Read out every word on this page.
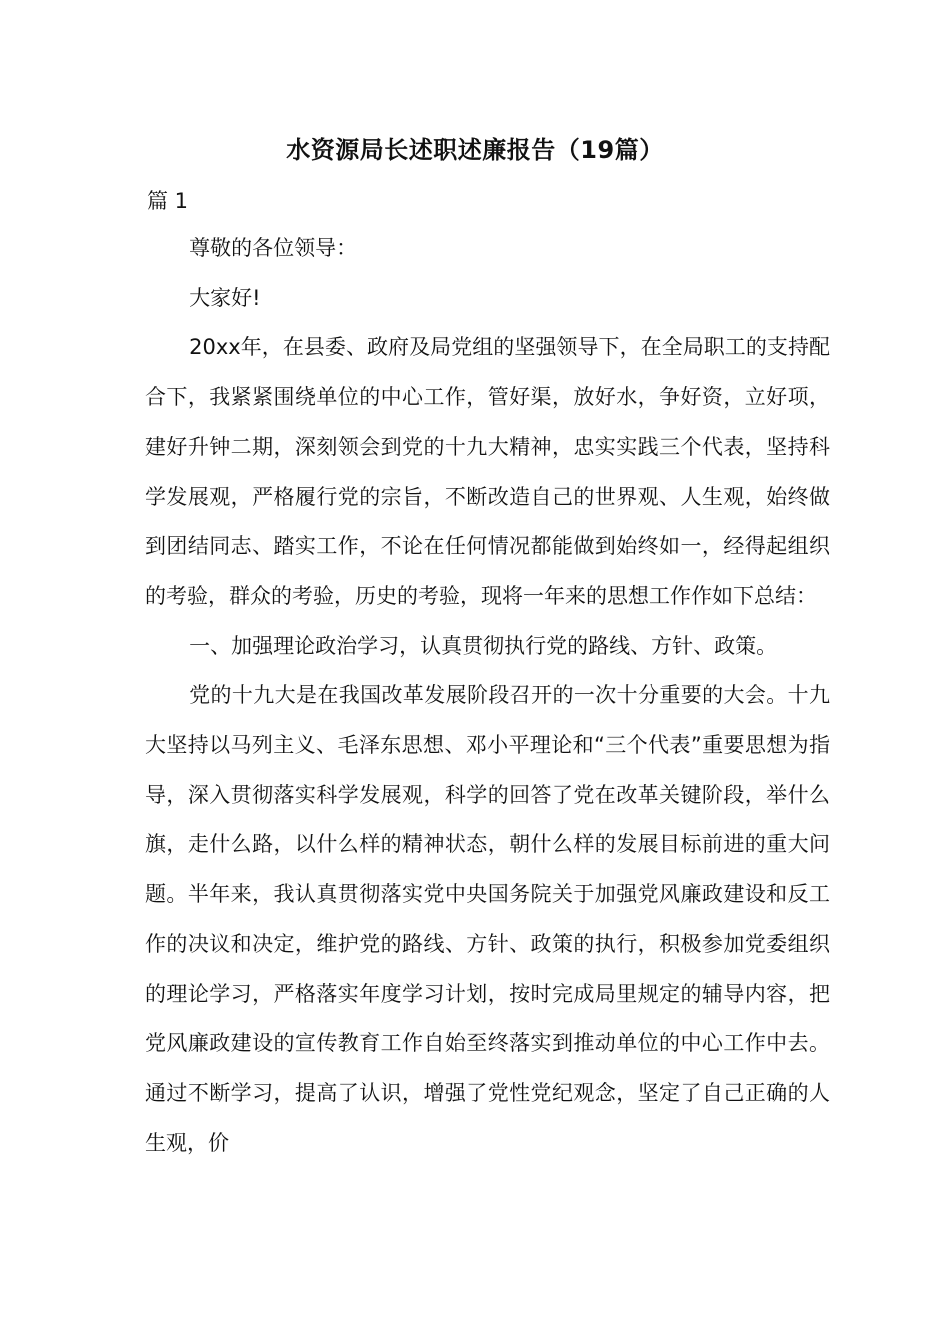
水资源局长述职述廉报告（19篇）
篇 1

尊敬的各位领导：

大家好!

20xx年，在县委、政府及局党组的坚强领导下，在全局职工的支持配合下，我紧紧围绕单位的中心工作，管好渠，放好水，争好资，立好项，建好升钟二期，深刻领会到党的十九大精神，忠实实践三个代表，坚持科学发展观，严格履行党的宗旨，不断改造自己的世界观、人生观，始终做到团结同志、踏实工作，不论在任何情况都能做到始终如一，经得起组织的考验，群众的考验，历史的考验，现将一年来的思想工作作如下总结：

一、加强理论政治学习，认真贯彻执行党的路线、方针、政策。

党的十九大是在我国改革发展阶段召开的一次十分重要的大会。十九大坚持以马列主义、毛泽东思想、邓小平理论和“三个代表”重要思想为指导，深入贯彻落实科学发展观，科学的回答了党在改革关键阶段，举什么旗，走什么路，以什么样的精神状态，朝什么样的发展目标前进的重大问题。半年来，我认真贯彻落实党中央国务院关于加强党风廉政建设和反工作的决议和决定，维护党的路线、方针、政策的执行，积极参加党委组织的理论学习，严格落实年度学习计划，按时完成局里规定的辅导内容，把党风廉政建设的宣传教育工作自始至终落实到推动单位的中心工作中去。通过不断学习，提高了认识，增强了党性党纪观念，坚定了自己正确的人生观，价
